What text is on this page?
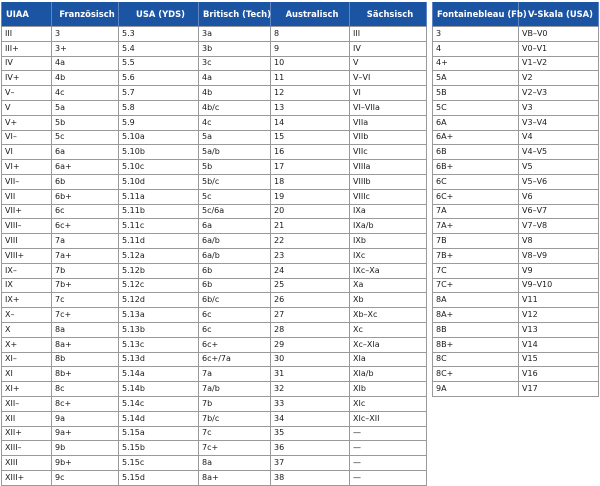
UIAA	Französisch	USA (YDS)	Britisch (Tech)	Australisch	Sächsisch
III	3	5.3	3a	8	III
III+	3+	5.4	3b	9	IV
IV	4a	5.5	3c	10	V
IV+	4b	5.6	4a	11	V–VI
V–	4c	5.7	4b	12	VI
V	5a	5.8	4b/c	13	VI–VIIa
V+	5b	5.9	4c	14	VIIa
VI–	5c	5.10a	5a	15	VIIb
VI	6a	5.10b	5a/b	16	VIIc
VI+	6a+	5.10c	5b	17	VIIIa
VII–	6b	5.10d	5b/c	18	VIIIb
VII	6b+	5.11a	5c	19	VIIIc
VII+	6c	5.11b	5c/6a	20	IXa
VIII–	6c+	5.11c	6a	21	IXa/b
VIII	7a	5.11d	6a/b	22	IXb
VIII+	7a+	5.12a	6a/b	23	IXc
IX–	7b	5.12b	6b	24	IXc–Xa
IX	7b+	5.12c	6b	25	Xa
IX+	7c	5.12d	6b/c	26	Xb
X–	7c+	5.13a	6c	27	Xb–Xc
X	8a	5.13b	6c	28	Xc
X+	8a+	5.13c	6c+	29	Xc–XIa
XI–	8b	5.13d	6c+/7a	30	XIa
XI	8b+	5.14a	7a	31	XIa/b
XI+	8c	5.14b	7a/b	32	XIb
XII–	8c+	5.14c	7b	33	XIc
XII	9a	5.14d	7b/c	34	XIc–XII
XII+	9a+	5.15a	7c	35	—
XIII–	9b	5.15b	7c+	36	—
XIII	9b+	5.15c	8a	37	—
XIII+	9c	5.15d	8a+	38	—
Fontainebleau (Fb)	V-Skala (USA)
3	VB–V0
4	V0–V1
4+	V1–V2
5A	V2
5B	V2–V3
5C	V3
6A	V3–V4
6A+	V4
6B	V4–V5
6B+	V5
6C	V5–V6
6C+	V6
7A	V6–V7
7A+	V7–V8
7B	V8
7B+	V8–V9
7C	V9
7C+	V9–V10
8A	V11
8A+	V12
8B	V13
8B+	V14
8C	V15
8C+	V16
9A	V17
